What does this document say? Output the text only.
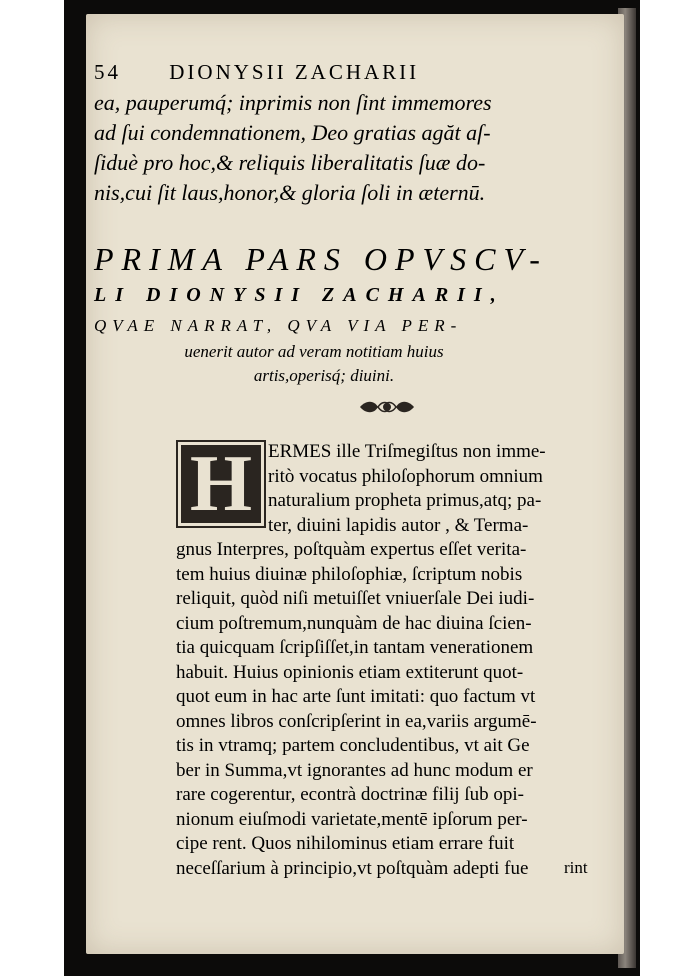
54 DIONYSII ZACHARII
ea, pauperumq́; inprimis non ſint immemores
ad ſui condemnationem, Deo gratias agăt aſ-
ſiduè pro hoc,& reliquis liberalitatis ſuæ do-
nis,cui ſit laus,honor,& gloria ſoli in æternū.
PRIMA PARS OPVSCV-
LI DIONYSII ZACHARII,
QVAE NARRAT, QVA VIA PER-
uenerit autor ad veram notitiam huius
artis,operisq́; diuini.
H ERMES ille Triſmegiſtus non imme-
ritò vocatus philoſophorum omnium
naturalium propheta primus,atq; pa-
ter, diuini lapidis autor , & Terma-
gnus Interpres, poſtquàm expertus eſſet verita-
tem huius diuinæ philoſophiæ, ſcriptum nobis
reliquit, quòd niſi metuiſſet vniuerſale Dei iudi-
cium poſtremum,nunquàm de hac diuina ſcien-
tia quicquam ſcripſiſſet,in tantam venerationem
habuit. Huius opinionis etiam extiterunt quot-
quot eum in hac arte ſunt imitati: quo factum vt
omnes libros conſcripſerint in ea,variis argumē-
tis in vtramq; partem concludentibus, vt ait Ge
ber in Summa,vt ignorantes ad hunc modum er
rare cogerentur, econtrà doctrinæ filij ſub opi-
nionum eiuſmodi varietate,mentē ipſorum per-
cipe rent. Quos nihilominus etiam errare fuit
neceſſarium à principio,vt poſtquàm adepti fue	rint
